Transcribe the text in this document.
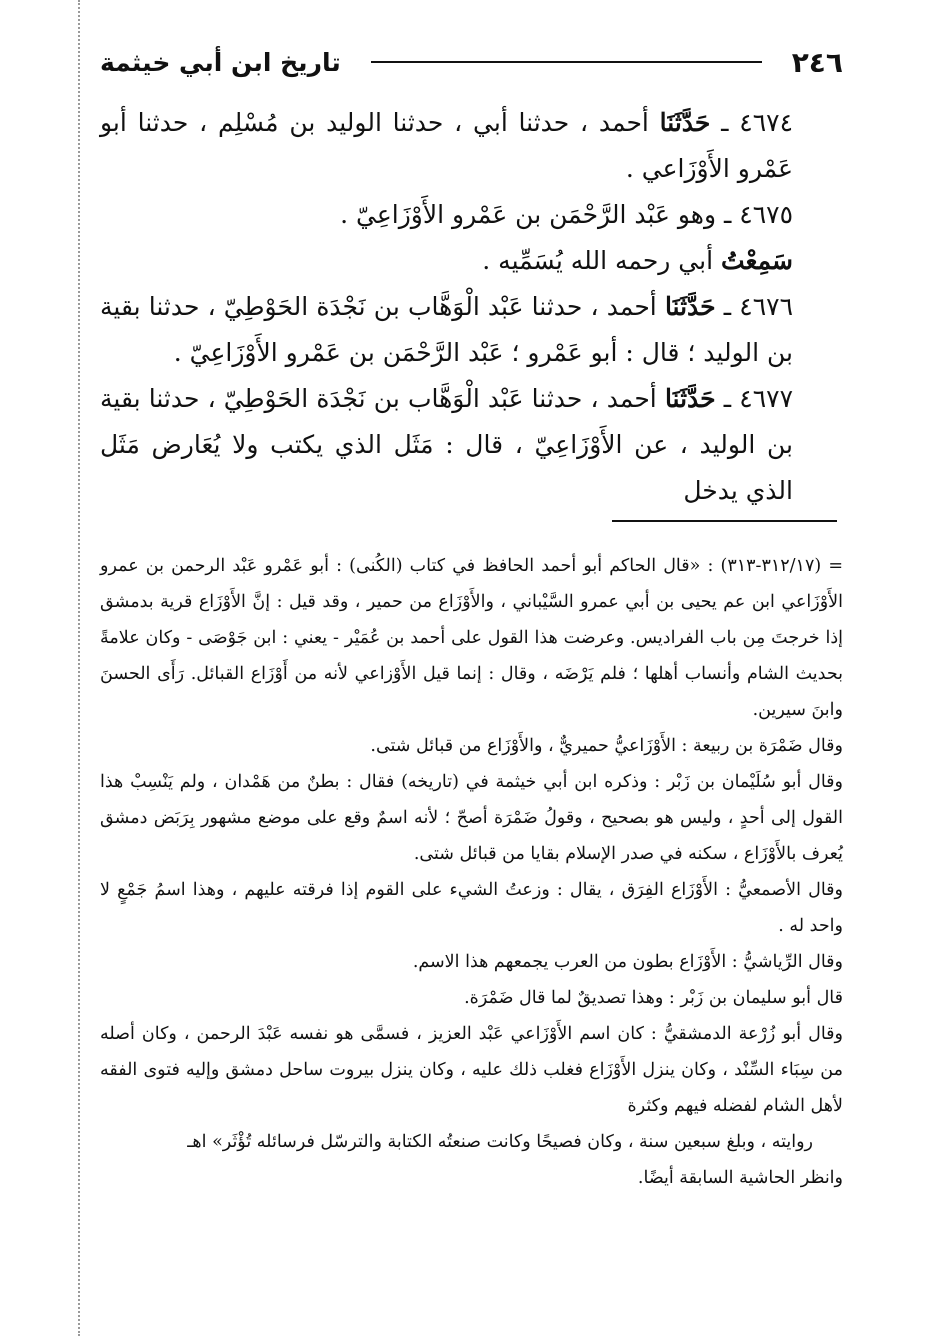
٢٤٦
تاريخ ابن أبي خيثمة

٤٦٧٤ ـ حَدَّثَنَا أحمد ، حدثنا أبي ، حدثنا الوليد بن مُسْلِم ، حدثنا أبو عَمْرو الأَوْزَاعي .

٤٦٧٥ ـ وهو عَبْد الرَّحْمَن بن عَمْرو الأَوْزَاعِيّ .

سَمِعْتُ أبي رحمه الله يُسَمِّيه .

٤٦٧٦ ـ حَدَّثَنَا أحمد ، حدثنا عَبْد الْوَهَّاب بن نَجْدَة الحَوْطِيّ ، حدثنا بقية بن الوليد ؛ قال : أبو عَمْرو ؛ عَبْد الرَّحْمَن بن عَمْرو الأَوْزَاعِيّ .

٤٦٧٧ ـ حَدَّثَنَا أحمد ، حدثنا عَبْد الْوَهَّاب بن نَجْدَة الحَوْطِيّ ، حدثنا بقية بن الوليد ، عن الأَوْزَاعِيّ ، قال : مَثَل الذي يكتب ولا يُعَارض مَثَل الذي يدخل

= (٣١٢/١٧-٣١٣) : «قال الحاكم أبو أحمد الحافظ في كتاب (الكُنى) : أبو عَمْرو عَبْد الرحمن بن عمرو الأَوْزَاعي ابن عم يحيى بن أبي عمرو السَّيْباني ، والأَوْزَاع من حمير ، وقد قيل : إنَّ الأَوْزَاع قرية بدمشق إذا خرجتَ مِن باب الفراديس. وعرضت هذا القول على أحمد بن عُمَيْر - يعني : ابن جَوْصَى - وكان علامةً بحديث الشام وأنساب أهلها ؛ فلم يَرْضَه ، وقال : إنما قيل الأَوْزاعي لأنه من أَوْزَاع القبائل. رَأَى الحسنَ وابنَ سيرين.

وقال ضَمْرَة بن ربيعة : الأَوْزَاعيُّ حميريٌّ ، والأَوْزَاع من قبائل شتى.

وقال أبو سُلَيْمان بن زَبْر : وذكره ابن أبي خيثمة في (تاريخه) فقال : بطنٌ من هَمْدان ، ولم يَنْسِبْ هذا القول إلى أحدٍ ، وليس هو بصحيح ، وقولُ ضَمْرَة أصحّ ؛ لأنه اسمٌ وقع على موضع مشهور بِرَبَض دمشق يُعرف بالأَوْزَاع ، سكنه في صدر الإسلام بقايا من قبائل شتى.

وقال الأصمعيُّ : الأَوْزَاع الفِرَق ، يقال : وزعتُ الشيء على القوم إذا فرقته عليهم ، وهذا اسمُ جَمْعٍ لا واحد له .

وقال الرِّياشيُّ : الأَوْزَاع بطون من العرب يجمعهم هذا الاسم.

قال أبو سليمان بن زَبْر : وهذا تصديقٌ لما قال ضَمْرَة.

وقال أبو زُرْعة الدمشقيُّ : كان اسم الأَوْزَاعي عَبْد العزيز ، فسمَّى هو نفسه عَبْدَ الرحمن ، وكان أصله من سِبَاء السِّنْد ، وكان ينزل الأَوْزَاع فغلب ذلك عليه ، وكان ينزل بيروت ساحل دمشق وإليه فتوى الفقه لأهل الشام لفضله فيهم وكثرة

روايته ، وبلغ سبعين سنة ، وكان فصيحًا وكانت صنعتُه الكتابة والترسّل فرسائله تُؤْثَر» اهـ

وانظر الحاشية السابقة أيضًا.
